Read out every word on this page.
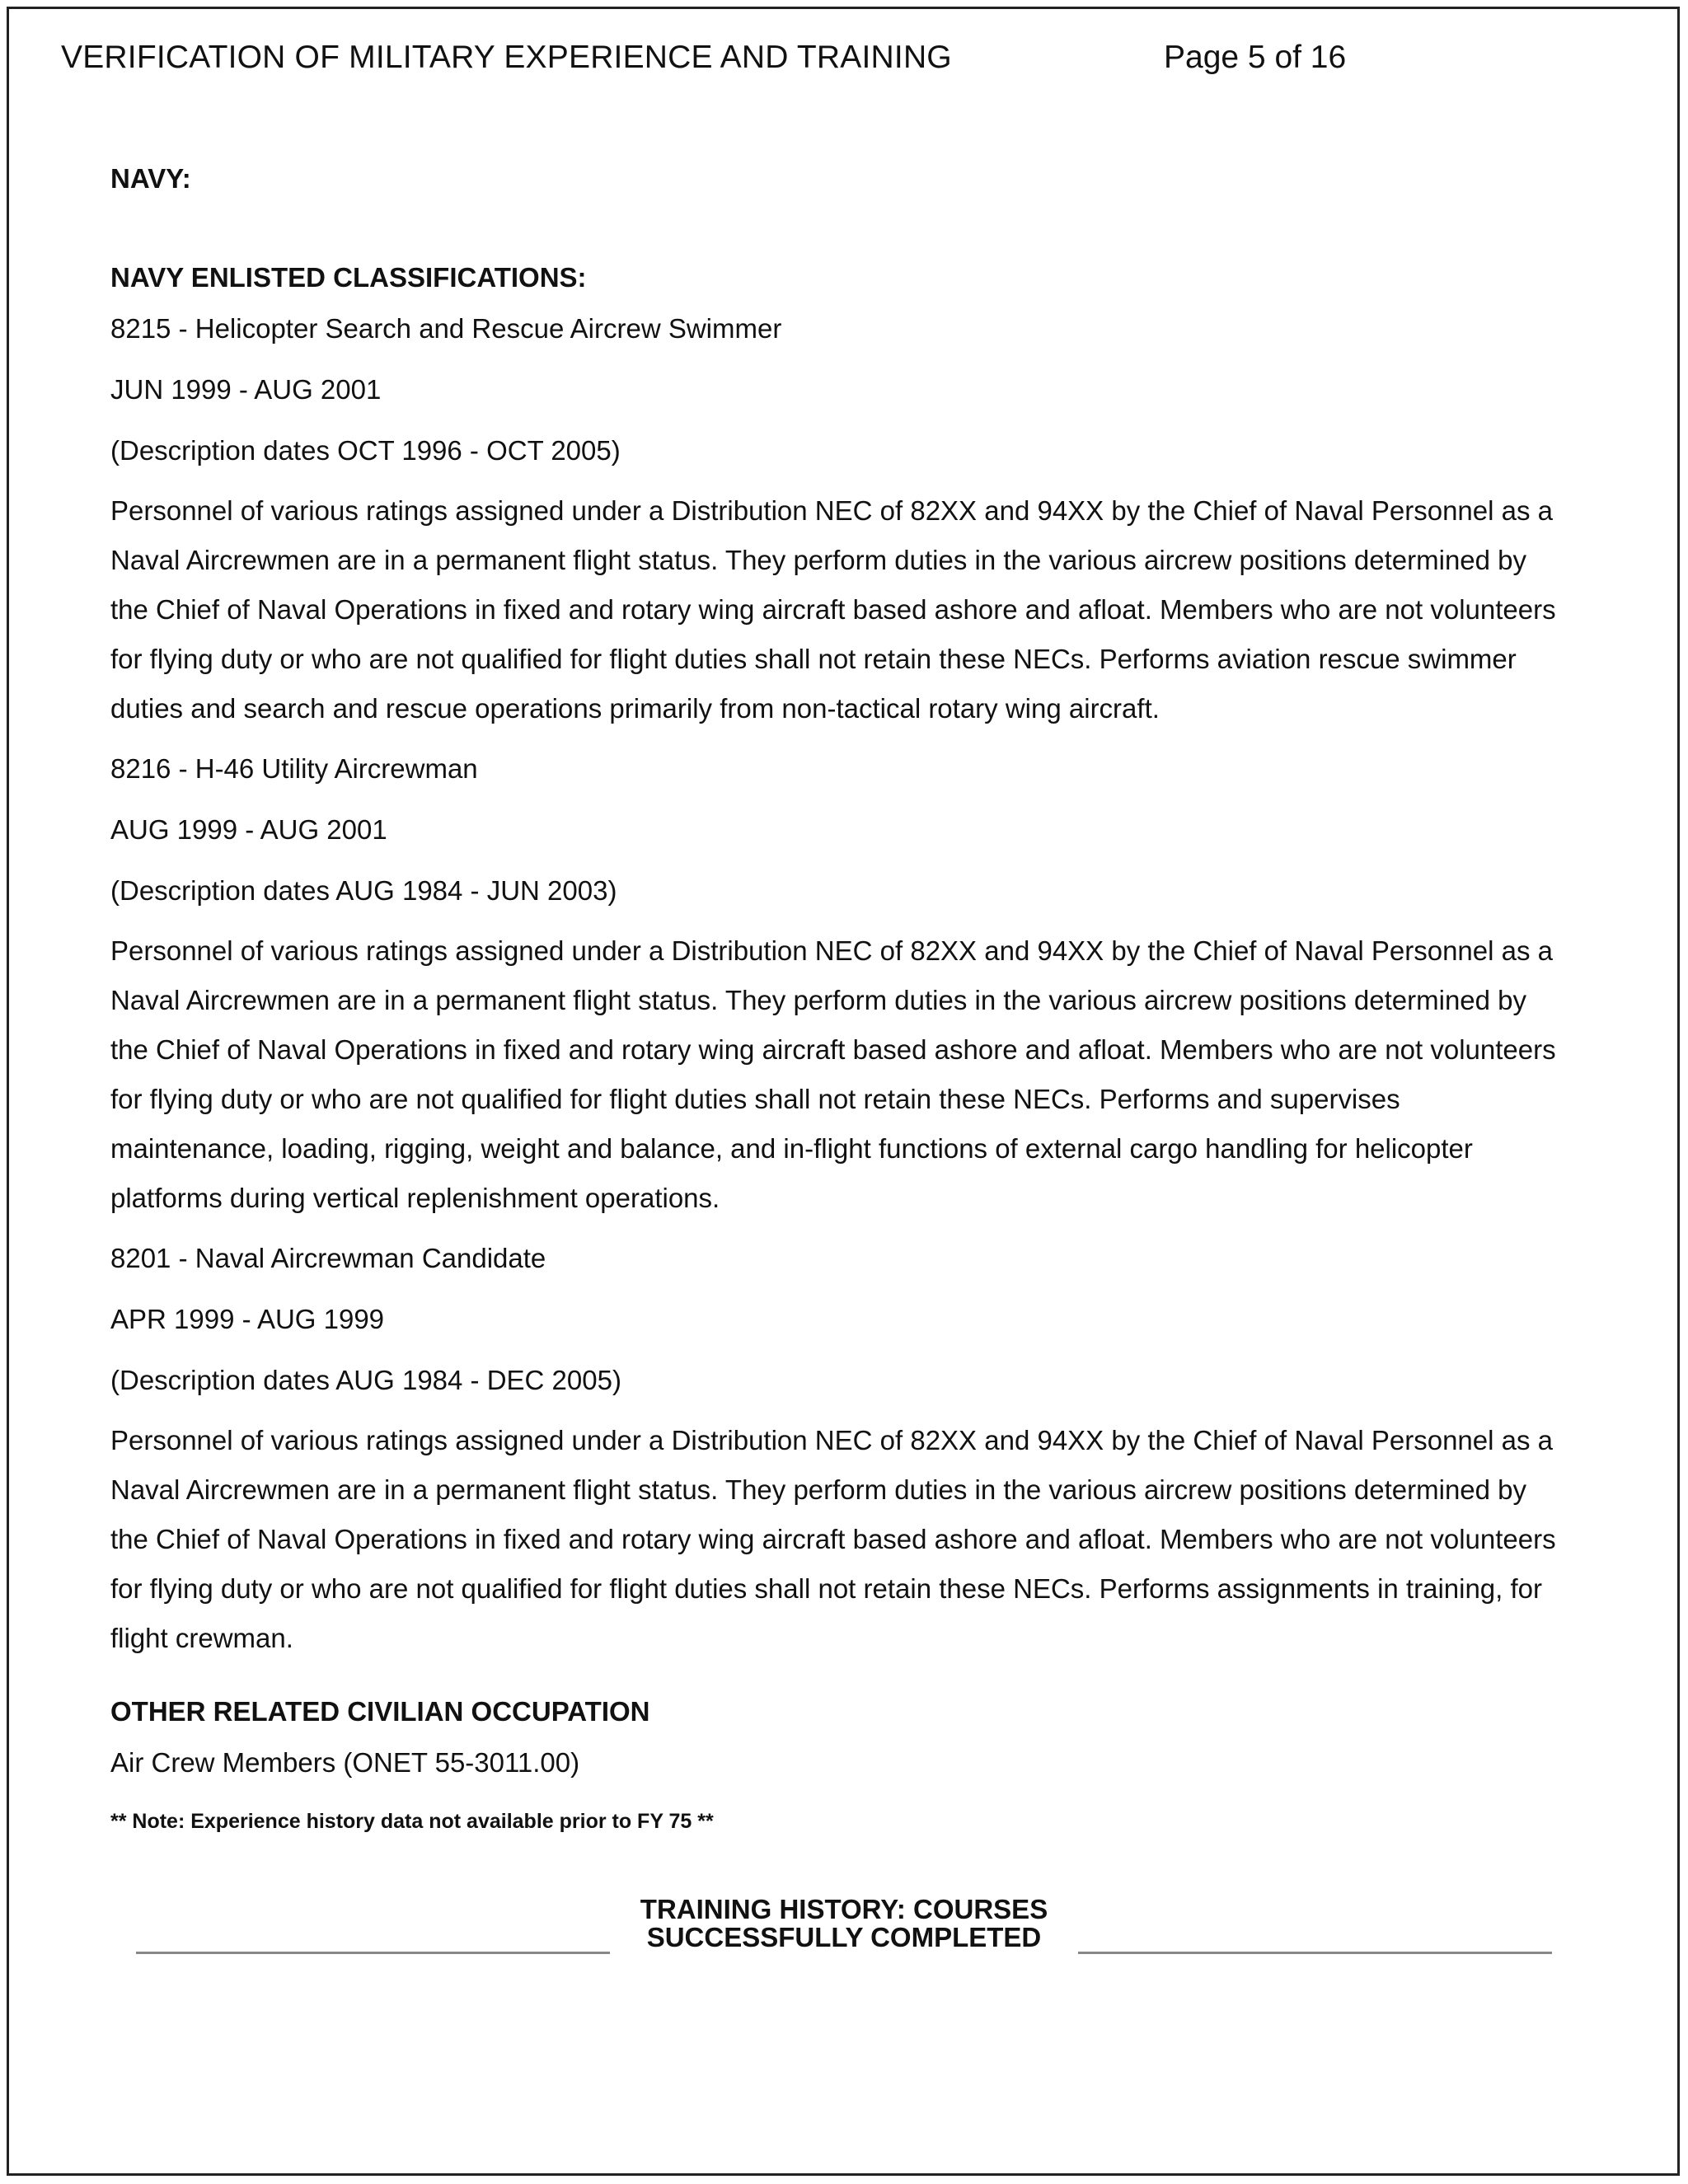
VERIFICATION OF MILITARY EXPERIENCE AND TRAINING	Page 5 of 16
NAVY:
NAVY ENLISTED CLASSIFICATIONS:
8215 - Helicopter Search and Rescue Aircrew Swimmer
JUN 1999 - AUG 2001
(Description dates OCT 1996 - OCT 2005)
Personnel of various ratings assigned under a Distribution NEC of 82XX and 94XX by the Chief of Naval Personnel as a
Naval Aircrewmen are in a permanent flight status. They perform duties in the various aircrew positions determined by
the Chief of Naval Operations in fixed and rotary wing aircraft based ashore and afloat. Members who are not volunteers
for flying duty or who are not qualified for flight duties shall not retain these NECs. Performs aviation rescue swimmer
duties and search and rescue operations primarily from non-tactical rotary wing aircraft.
8216 - H-46 Utility Aircrewman
AUG 1999 - AUG 2001
(Description dates AUG 1984 - JUN 2003)
Personnel of various ratings assigned under a Distribution NEC of 82XX and 94XX by the Chief of Naval Personnel as a
Naval Aircrewmen are in a permanent flight status. They perform duties in the various aircrew positions determined by
the Chief of Naval Operations in fixed and rotary wing aircraft based ashore and afloat. Members who are not volunteers
for flying duty or who are not qualified for flight duties shall not retain these NECs. Performs and supervises
maintenance, loading, rigging, weight and balance, and in-flight functions of external cargo handling for helicopter
platforms during vertical replenishment operations.
8201 - Naval Aircrewman Candidate
APR 1999 - AUG 1999
(Description dates AUG 1984 - DEC 2005)
Personnel of various ratings assigned under a Distribution NEC of 82XX and 94XX by the Chief of Naval Personnel as a
Naval Aircrewmen are in a permanent flight status. They perform duties in the various aircrew positions determined by
the Chief of Naval Operations in fixed and rotary wing aircraft based ashore and afloat. Members who are not volunteers
for flying duty or who are not qualified for flight duties shall not retain these NECs. Performs assignments in training, for
flight crewman.
OTHER RELATED CIVILIAN OCCUPATION
Air Crew Members (ONET 55-3011.00)
** Note: Experience history data not available prior to FY 75 **
TRAINING HISTORY: COURSES
SUCCESSFULLY COMPLETED
